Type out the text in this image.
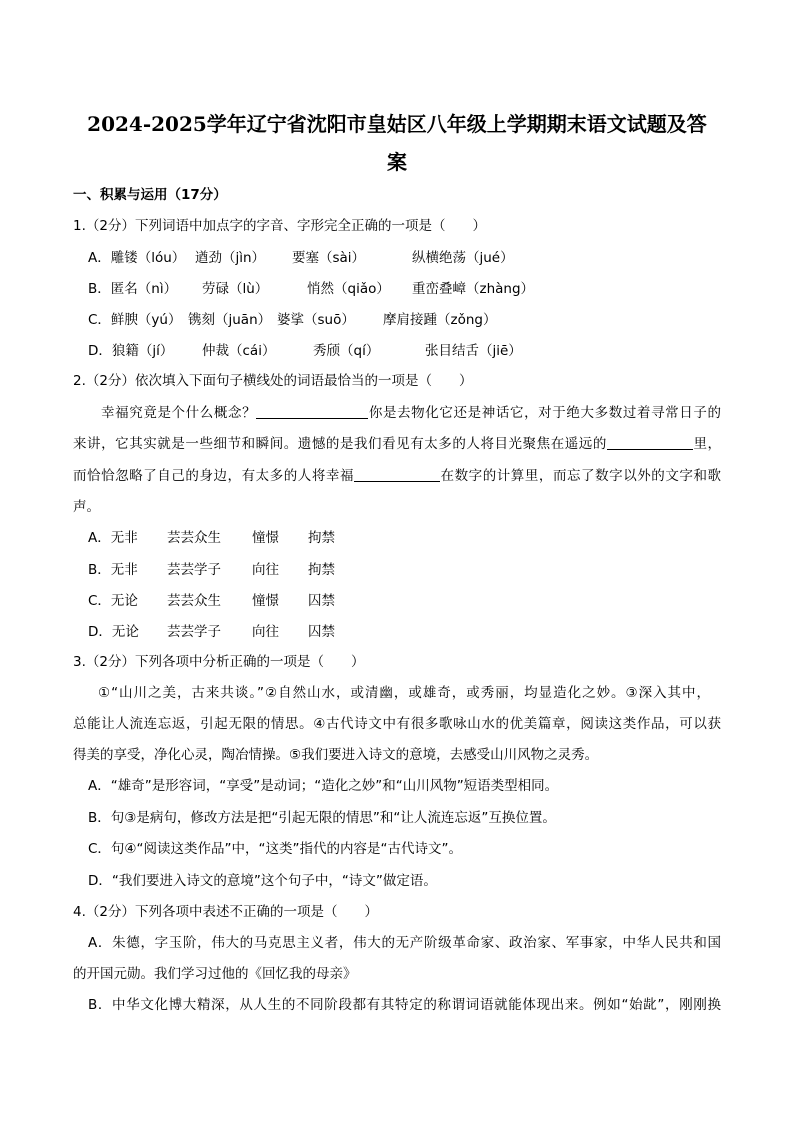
2024-2025学年辽宁省沈阳市皇姑区八年级上学期期末语文试题及答
案
一、积累与运用（17分）
1.（2分）下列词语中加点字的字音、字形完全正确的一项是（　　）
A．雕镂（lóu） 遒劲（jìn） 要塞（sài）	纵横绝荡（jué）
B．匿名（nì） 劳碌（lù）	悄然（qiǎo） 重峦叠嶂（zhàng）
C．鲜腴（yú） 镌刻（juān） 婆挲（suō） 摩肩接踵（zǒng）
D．狼籍（jí） 仲裁（cái）	秀颀（qí）	张目结舌（jiē）
2.（2分）依次填入下面句子横线处的词语最恰当的一项是（　　）
幸福究竟是个什么概念？	你是去物化它还是神话它，对于绝大多数过着寻常日子的
来讲，它其实就是一些细节和瞬间。遗憾的是我们看见有太多的人将目光聚焦在遥远的	里，
而恰恰忽略了自己的身边，有太多的人将幸福	在数字的计算里，而忘了数字以外的文字和歌
声。
A．无非 芸芸众生 憧憬 拘禁
B．无非 芸芸学子 向往 拘禁
C．无论 芸芸众生 憧憬 囚禁
D．无论 芸芸学子 向往 囚禁
3.（2分）下列各项中分析正确的一项是（　　）
①“山川之美，古来共谈。”②自然山水，或清幽，或雄奇，或秀丽，均显造化之妙。③深入其中，
总能让人流连忘返，引起无限的情思。④古代诗文中有很多歌咏山水的优美篇章，阅读这类作品，可以获
得美的享受，净化心灵，陶冶情操。⑤我们要进入诗文的意境，去感受山川风物之灵秀。
A．“雄奇”是形容词，“享受”是动词；“造化之妙”和“山川风物”短语类型相同。
B．句③是病句，修改方法是把“引起无限的情思”和“让人流连忘返”互换位置。
C．句④“阅读这类作品”中，“这类”指代的内容是“古代诗文”。
D．“我们要进入诗文的意境”这个句子中，“诗文”做定语。
4.（2分）下列各项中表述不正确的一项是（　　）
A．朱德，字玉阶，伟大的马克思主义者，伟大的无产阶级革命家、政治家、军事家，中华人民共和国
的开国元勋。我们学习过他的《回忆我的母亲》
B．中华文化博大精深，从人生的不同阶段都有其特定的称谓词语就能体现出来。例如“始龀”，刚刚换
